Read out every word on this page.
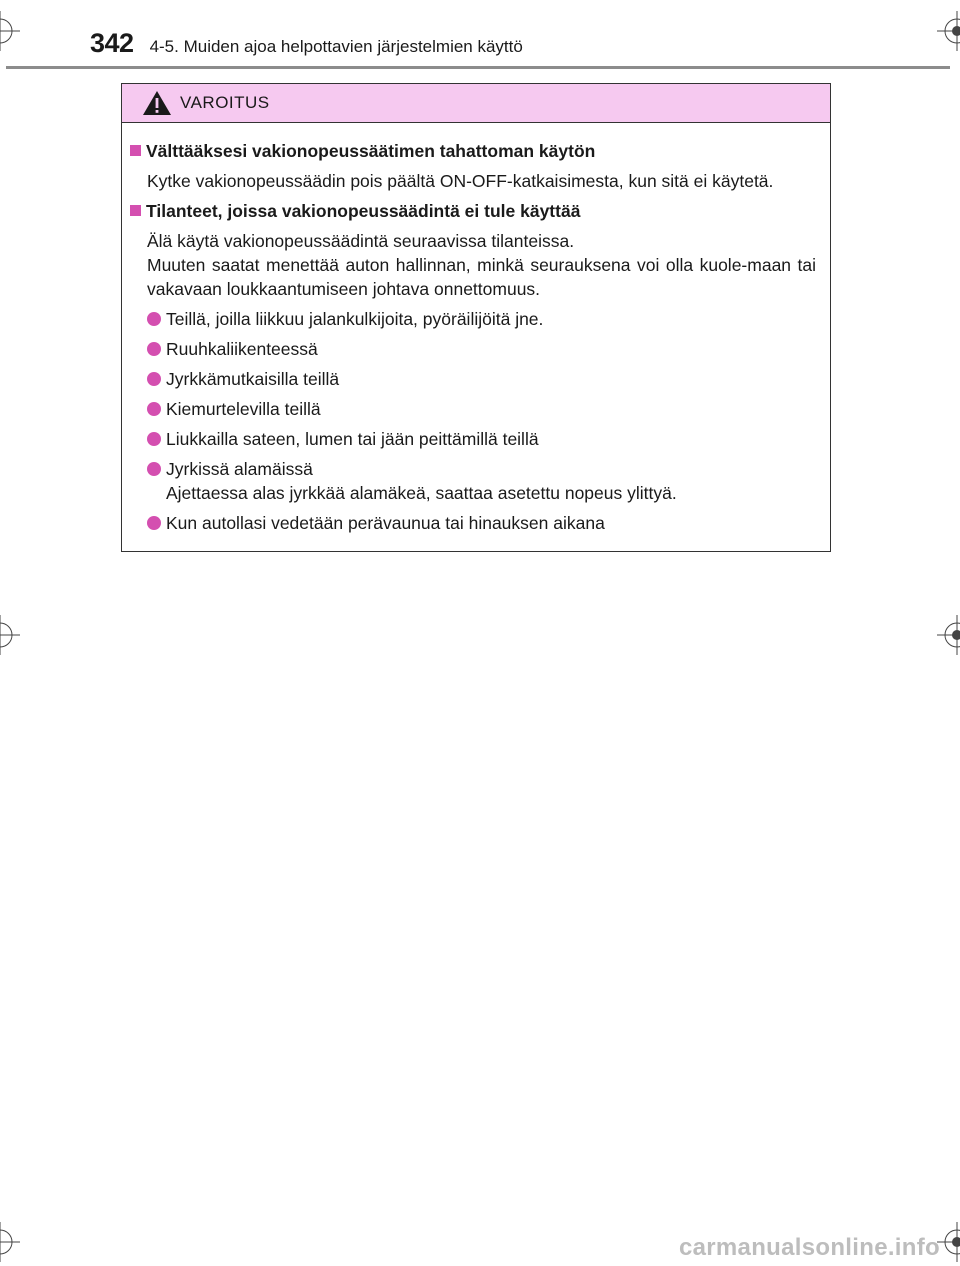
342 4-5. Muiden ajoa helpottavien järjestelmien käyttö
VAROITUS
Välttääksesi vakionopeussäätimen tahattoman käytön
Kytke vakionopeussäädin pois päältä ON-OFF-katkaisimesta, kun sitä ei käytetä.
Tilanteet, joissa vakionopeussäädintä ei tule käyttää
Älä käytä vakionopeussäädintä seuraavissa tilanteissa.
Muuten saatat menettää auton hallinnan, minkä seurauksena voi olla kuole-maan tai vakavaan loukkaantumiseen johtava onnettomuus.
Teillä, joilla liikkuu jalankulkijoita, pyöräilijöitä jne.
Ruuhkaliikenteessä
Jyrkkämutkaisilla teillä
Kiemurtelevilla teillä
Liukkailla sateen, lumen tai jään peittämillä teillä
Jyrkissä alamäissä
Ajettaessa alas jyrkkää alamäkeä, saattaa asetettu nopeus ylittyä.
Kun autollasi vedetään perävaunua tai hinauksen aikana
carmanualsonline.info
